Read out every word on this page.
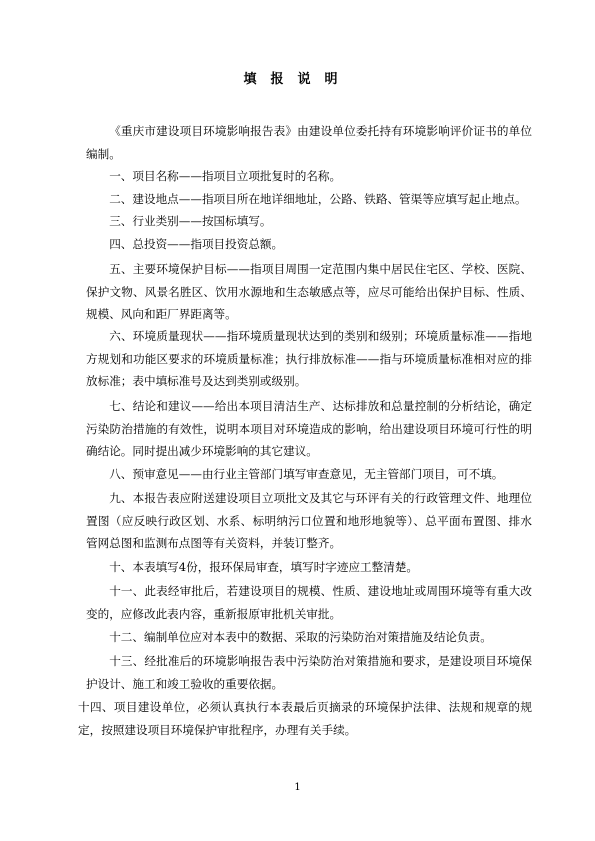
填报说明

《重庆市建设项目环境影响报告表》由建设单位委托持有环境影响评价证书的单位编制。

一、项目名称——指项目立项批复时的名称。

二、建设地点——指项目所在地详细地址，公路、铁路、管渠等应填写起止地点。

三、行业类别——按国标填写。

四、总投资——指项目投资总额。

五、主要环境保护目标——指项目周围一定范围内集中居民住宅区、学校、医院、保护文物、风景名胜区、饮用水源地和生态敏感点等，应尽可能给出保护目标、性质、规模、风向和距厂界距离等。

六、环境质量现状——指环境质量现状达到的类别和级别；环境质量标准——指地方规划和功能区要求的环境质量标准；执行排放标准——指与环境质量标准相对应的排放标准；表中填标准号及达到类别或级别。

七、结论和建议——给出本项目清洁生产、达标排放和总量控制的分析结论，确定污染防治措施的有效性，说明本项目对环境造成的影响，给出建设项目环境可行性的明确结论。同时提出减少环境影响的其它建议。

八、预审意见——由行业主管部门填写审查意见，无主管部门项目，可不填。

九、本报告表应附送建设项目立项批文及其它与环评有关的行政管理文件、地理位置图（应反映行政区划、水系、标明纳污口位置和地形地貌等）、总平面布置图、排水管网总图和监测布点图等有关资料，并装订整齐。

十、本表填写4份，报环保局审查，填写时字迹应工整清楚。

十一、此表经审批后，若建设项目的规模、性质、建设地址或周围环境等有重大改变的，应修改此表内容，重新报原审批机关审批。

十二、编制单位应对本表中的数据、采取的污染防治对策措施及结论负责。

十三、经批准后的环境影响报告表中污染防治对策措施和要求，是建设项目环境保护设计、施工和竣工验收的重要依据。

十四、项目建设单位，必须认真执行本表最后页摘录的环境保护法律、法规和规章的规定，按照建设项目环境保护审批程序，办理有关手续。

1
